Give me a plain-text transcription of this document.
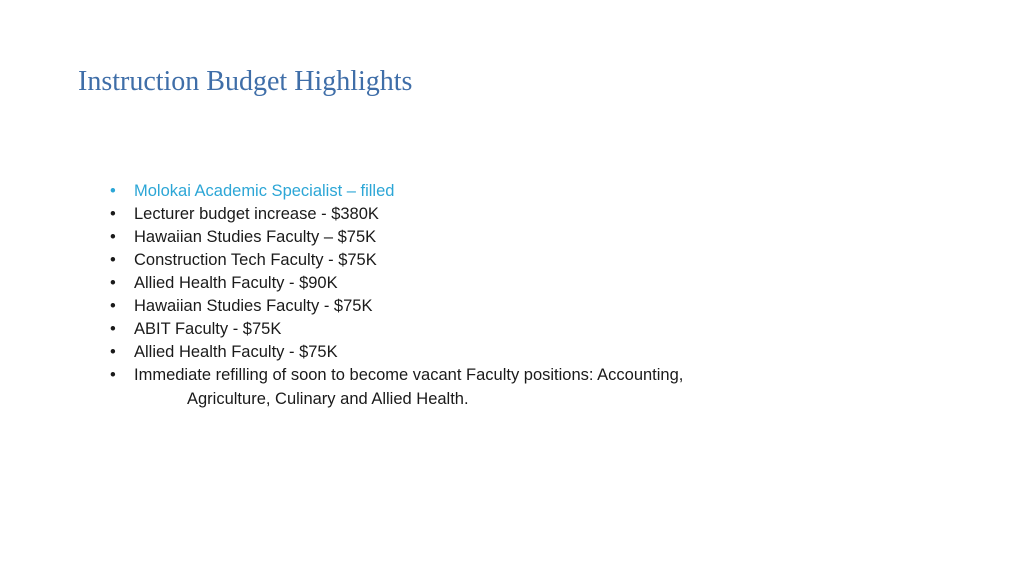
Instruction Budget Highlights
•	Molokai Academic Specialist – filled
•	Lecturer budget increase - $380K
•	Hawaiian Studies Faculty – $75K
•	Construction Tech Faculty - $75K
•	Allied Health Faculty - $90K
•	Hawaiian Studies Faculty - $75K
•	ABIT Faculty - $75K
•	Allied Health Faculty - $75K
•	Immediate refilling of soon to become vacant Faculty positions: Accounting,
Agriculture, Culinary and Allied Health.
